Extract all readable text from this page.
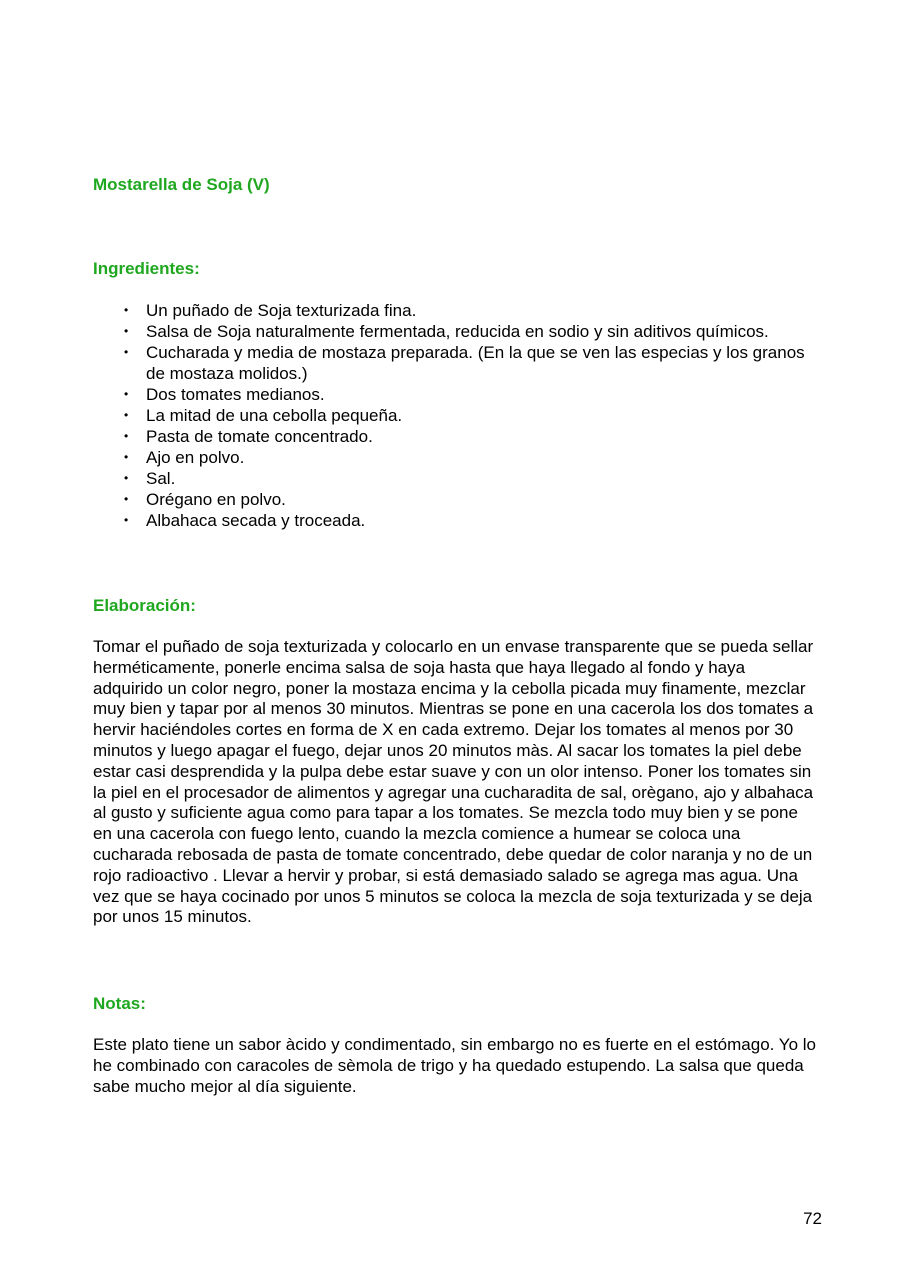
Mostarella de Soja (V)
Ingredientes:
• Un puñado de Soja texturizada fina.
• Salsa de Soja naturalmente fermentada, reducida en sodio y sin aditivos químicos.
• Cucharada y media de mostaza preparada. (En la que se ven las especias y los granos de mostaza molidos.)
• Dos tomates medianos.
• La mitad de una cebolla pequeña.
• Pasta de tomate concentrado.
• Ajo en polvo.
• Sal.
• Orégano en polvo.
• Albahaca secada y troceada.
Elaboración:

Tomar el puñado de soja texturizada y colocarlo en un envase transparente que se pueda sellar herméticamente, ponerle encima salsa de soja hasta que haya llegado al fondo y haya adquirido un color negro, poner la mostaza encima y la cebolla picada muy finamente, mezclar muy bien y tapar por al menos 30 minutos. Mientras se pone en una cacerola los dos tomates a hervir haciéndoles cortes en forma de X en cada extremo. Dejar los tomates al menos por 30 minutos y luego apagar el fuego, dejar unos 20 minutos màs. Al sacar los tomates la piel debe estar casi desprendida y la pulpa debe estar suave y con un olor intenso. Poner los tomates sin la piel en el procesador de alimentos y agregar una cucharadita de sal, orègano, ajo y albahaca al gusto y suficiente agua como para tapar a los tomates. Se mezcla todo muy bien y se pone en una cacerola con fuego lento, cuando la mezcla comience a humear se coloca una cucharada rebosada de pasta de tomate concentrado, debe quedar de color naranja y no de un rojo radioactivo . Llevar a hervir y probar, si está demasiado salado se agrega mas agua. Una vez que se haya cocinado por unos 5 minutos se coloca la mezcla de soja texturizada y se deja por unos 15 minutos.

Notas:

Este plato tiene un sabor àcido y condimentado, sin embargo no es fuerte en el estómago. Yo lo he combinado con caracoles de sèmola de trigo y ha quedado estupendo. La salsa que queda sabe mucho mejor al día siguiente.

72
